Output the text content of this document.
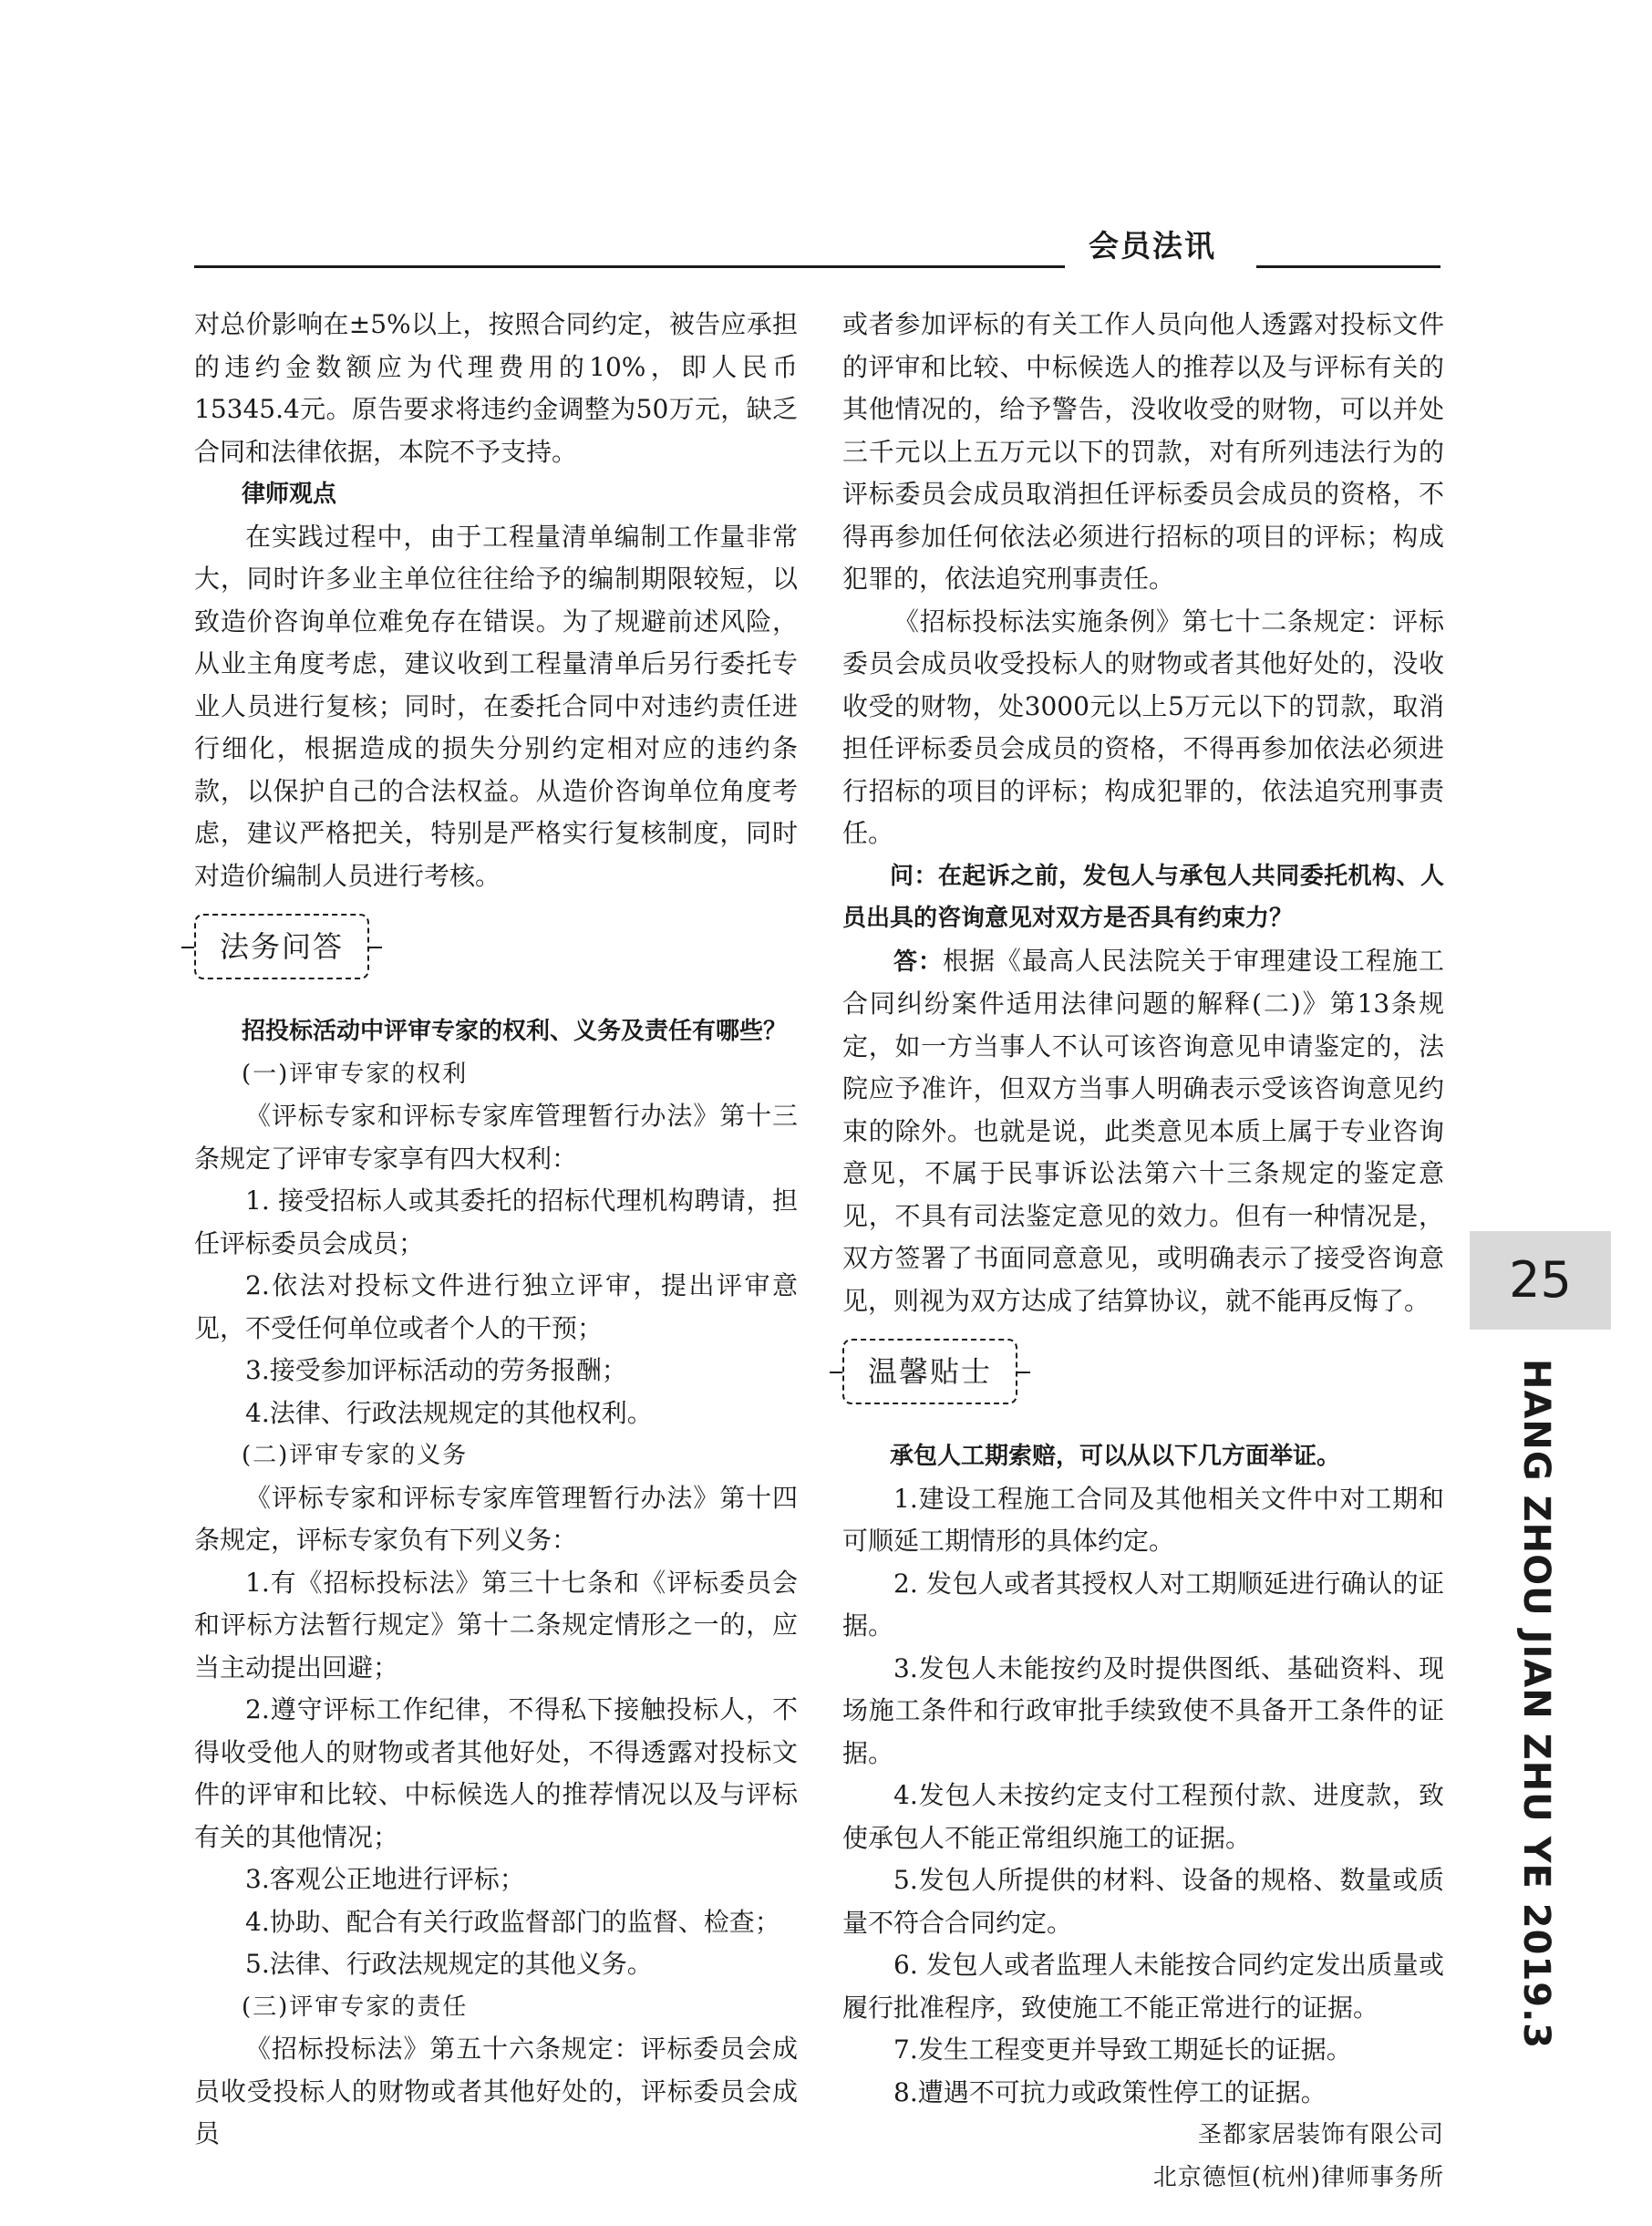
会员法讯

对总价影响在±5%以上，按照合同约定，被告应承担的违约金数额应为代理费用的10%，即人民币15345.4元。原告要求将违约金调整为50万元，缺乏合同和法律依据，本院不予支持。

律师观点

在实践过程中，由于工程量清单编制工作量非常大，同时许多业主单位往往给予的编制期限较短，以致造价咨询单位难免存在错误。为了规避前述风险，从业主角度考虑，建议收到工程量清单后另行委托专业人员进行复核；同时，在委托合同中对违约责任进行细化，根据造成的损失分别约定相对应的违约条款，以保护自己的合法权益。从造价咨询单位角度考虑，建议严格把关，特别是严格实行复核制度，同时对造价编制人员进行考核。

法务问答

招投标活动中评审专家的权利、义务及责任有哪些？

(一)评审专家的权利

《评标专家和评标专家库管理暂行办法》第十三条规定了评审专家享有四大权利：

1. 接受招标人或其委托的招标代理机构聘请，担任评标委员会成员；

2.依法对投标文件进行独立评审，提出评审意见，不受任何单位或者个人的干预；

3.接受参加评标活动的劳务报酬；

4.法律、行政法规规定的其他权利。

(二)评审专家的义务

《评标专家和评标专家库管理暂行办法》第十四条规定，评标专家负有下列义务：

1.有《招标投标法》第三十七条和《评标委员会和评标方法暂行规定》第十二条规定情形之一的，应当主动提出回避；

2.遵守评标工作纪律，不得私下接触投标人，不得收受他人的财物或者其他好处，不得透露对投标文件的评审和比较、中标候选人的推荐情况以及与评标有关的其他情况；

3.客观公正地进行评标；

4.协助、配合有关行政监督部门的监督、检查；

5.法律、行政法规规定的其他义务。

(三)评审专家的责任

《招标投标法》第五十六条规定：评标委员会成员收受投标人的财物或者其他好处的，评标委员会成员

或者参加评标的有关工作人员向他人透露对投标文件的评审和比较、中标候选人的推荐以及与评标有关的其他情况的，给予警告，没收收受的财物，可以并处三千元以上五万元以下的罚款，对有所列违法行为的评标委员会成员取消担任评标委员会成员的资格，不得再参加任何依法必须进行招标的项目的评标；构成犯罪的，依法追究刑事责任。

《招标投标法实施条例》第七十二条规定：评标委员会成员收受投标人的财物或者其他好处的，没收收受的财物，处3000元以上5万元以下的罚款，取消担任评标委员会成员的资格，不得再参加依法必须进行招标的项目的评标；构成犯罪的，依法追究刑事责任。

问：在起诉之前，发包人与承包人共同委托机构、人员出具的咨询意见对双方是否具有约束力？

答：根据《最高人民法院关于审理建设工程施工合同纠纷案件适用法律问题的解释(二)》第13条规定，如一方当事人不认可该咨询意见申请鉴定的，法院应予准许，但双方当事人明确表示受该咨询意见约束的除外。也就是说，此类意见本质上属于专业咨询意见，不属于民事诉讼法第六十三条规定的鉴定意见，不具有司法鉴定意见的效力。但有一种情况是，双方签署了书面同意意见，或明确表示了接受咨询意见，则视为双方达成了结算协议，就不能再反悔了。

温馨贴士

承包人工期索赔，可以从以下几方面举证。

1.建设工程施工合同及其他相关文件中对工期和可顺延工期情形的具体约定。

2. 发包人或者其授权人对工期顺延进行确认的证据。

3.发包人未能按约及时提供图纸、基础资料、现场施工条件和行政审批手续致使不具备开工条件的证据。

4.发包人未按约定支付工程预付款、进度款，致使承包人不能正常组织施工的证据。

5.发包人所提供的材料、设备的规格、数量或质量不符合合同约定。

6. 发包人或者监理人未能按合同约定发出质量或履行批准程序，致使施工不能正常进行的证据。

7.发生工程变更并导致工期延长的证据。

8.遭遇不可抗力或政策性停工的证据。

圣都家居装饰有限公司

北京德恒(杭州)律师事务所

25
HANG ZHOU JIAN ZHU YE 2019.3
